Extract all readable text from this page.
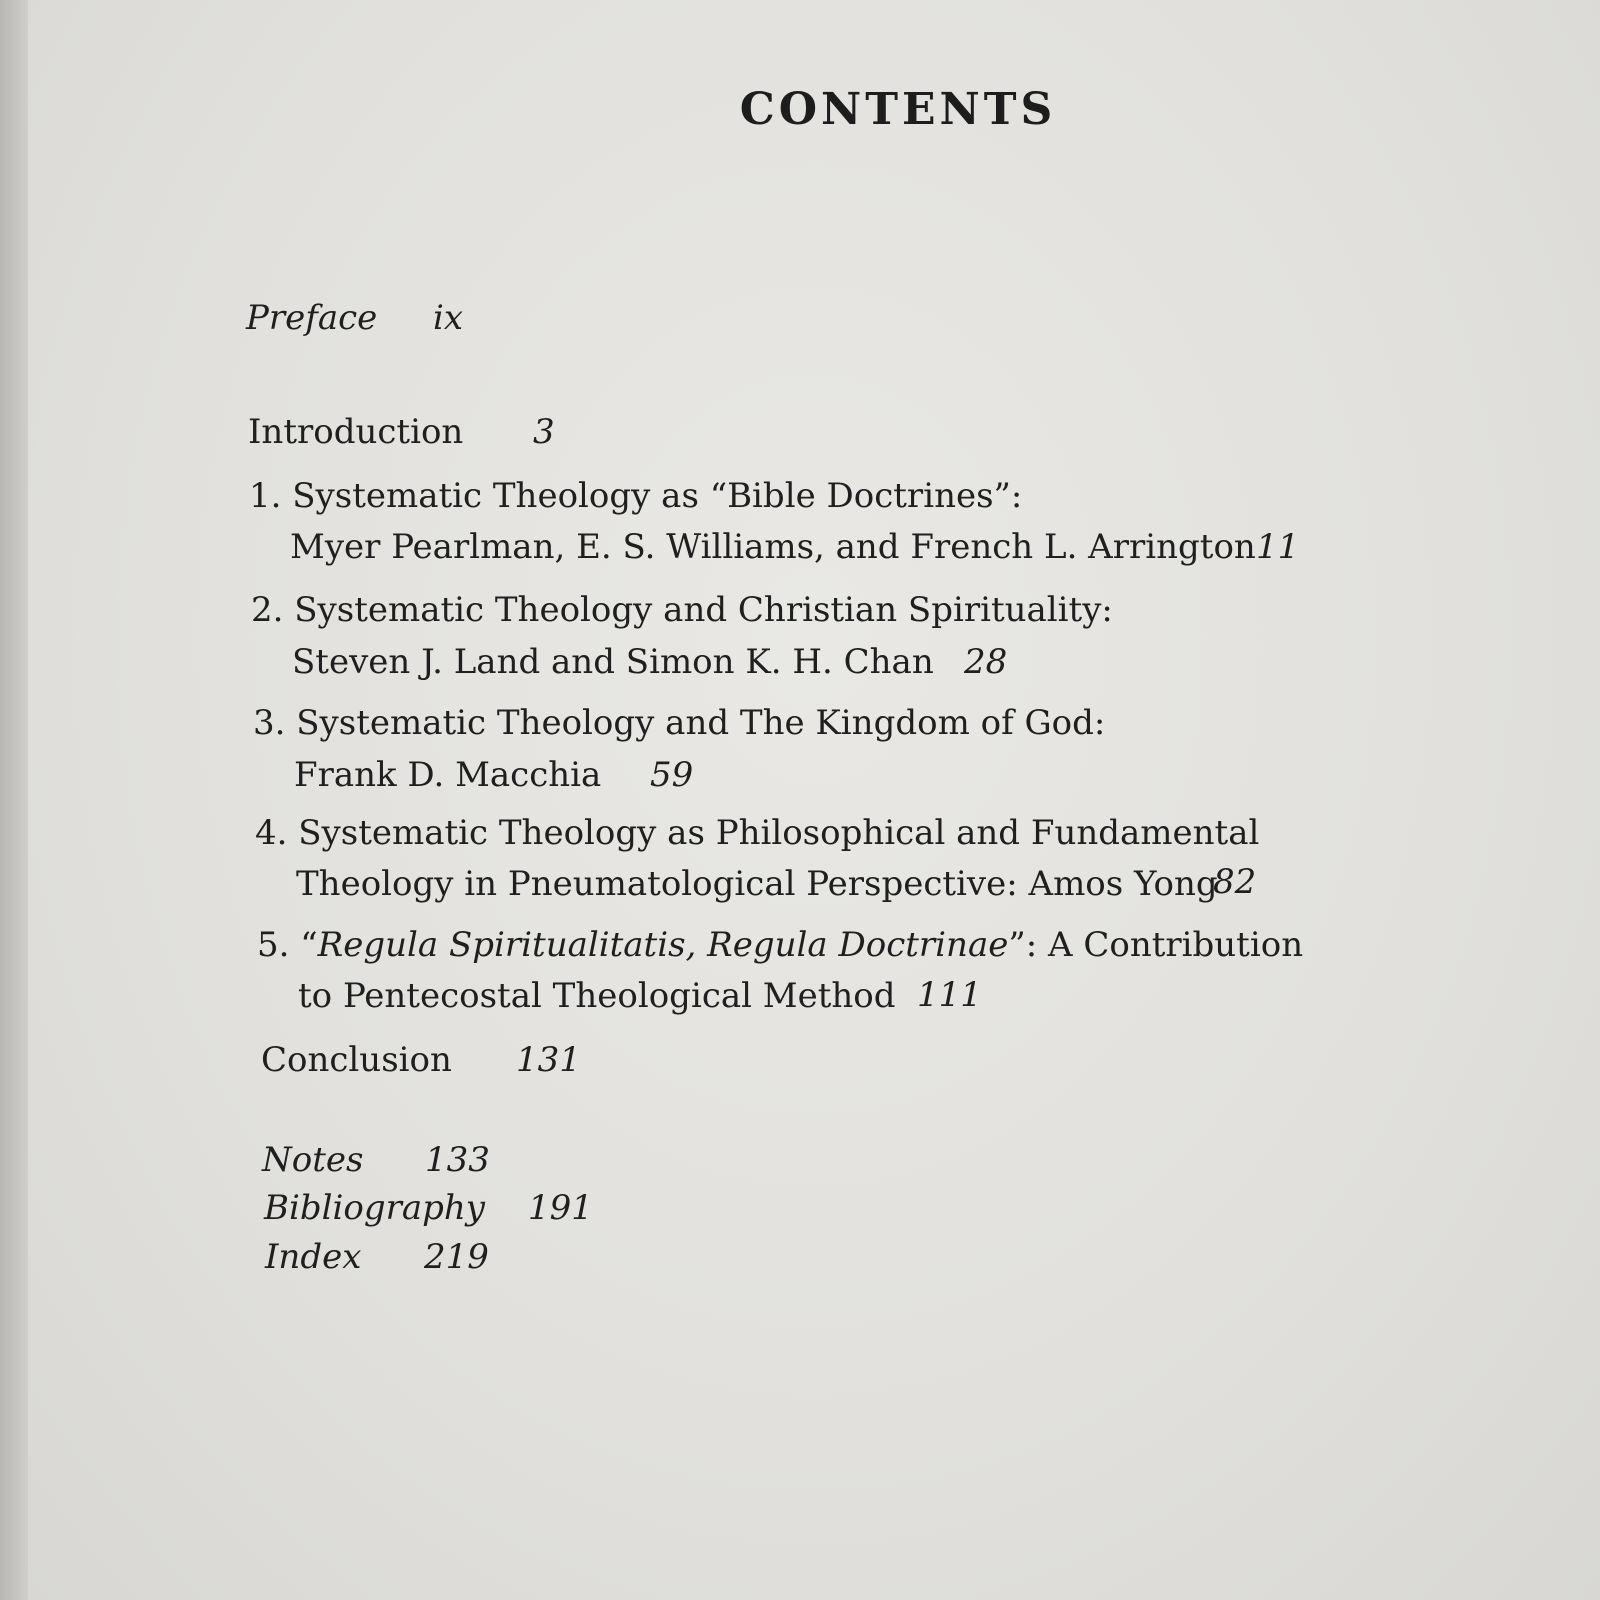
CONTENTS
Preface ix
Introduction 3
1. Systematic Theology as “Bible Doctrines”:
Myer Pearlman, E. S. Williams, and French L. Arrington 11
2. Systematic Theology and Christian Spirituality:
Steven J. Land and Simon K. H. Chan 28
3. Systematic Theology and The Kingdom of God:
Frank D. Macchia 59
4. Systematic Theology as Philosophical and Fundamental
Theology in Pneumatological Perspective: Amos Yong
82
5. “Regula Spiritualitatis, Regula Doctrinae”: A Contribution
to Pentecostal Theological Method 111
Conclusion 131
Notes 133
Bibliography 191
Index 219
